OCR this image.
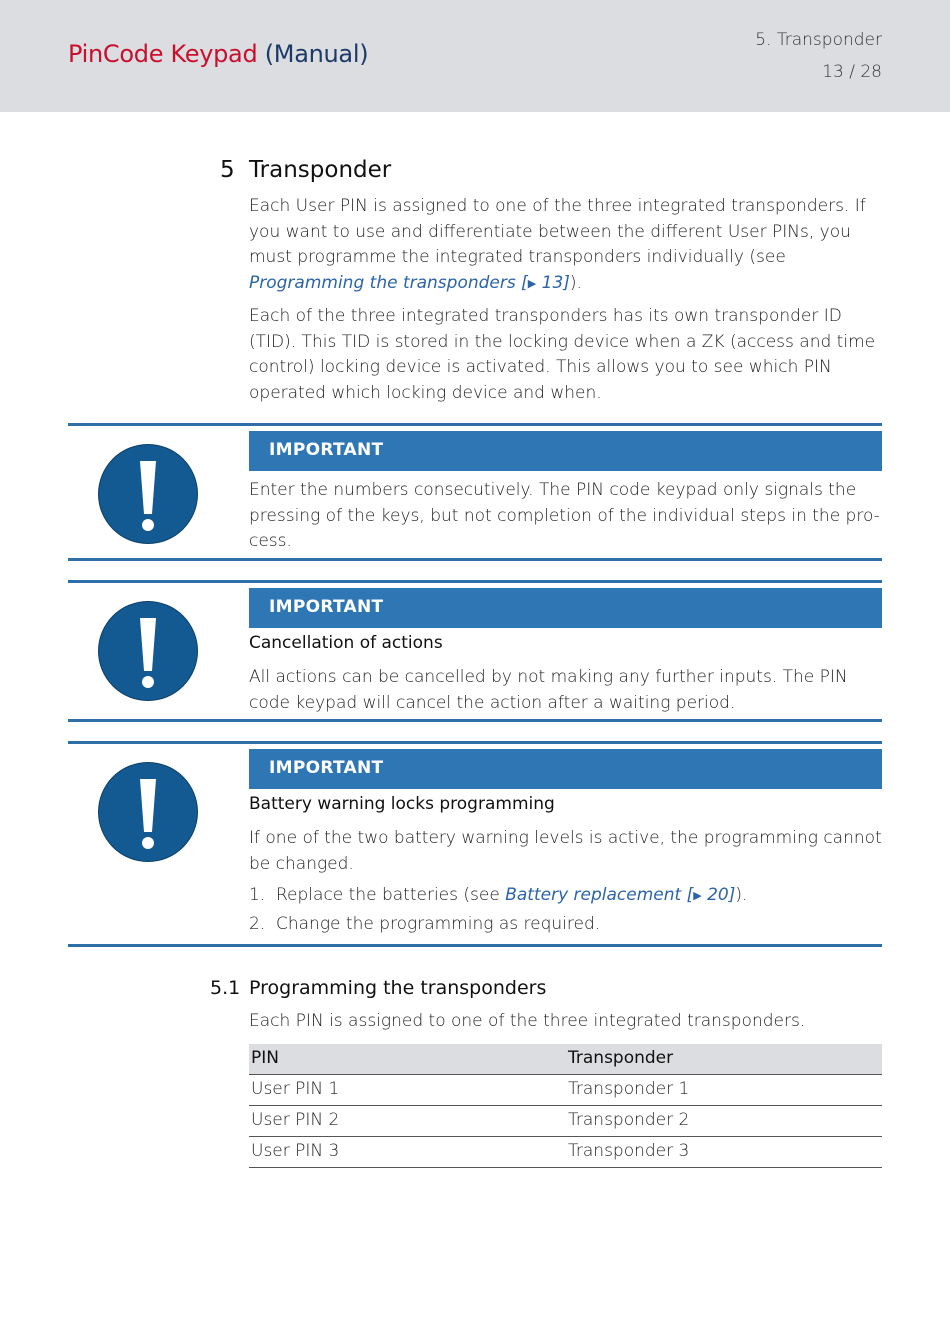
PinCode Keypad (Manual)	5. Transponder
13 / 28
5 Transponder
Each User PIN is assigned to one of the three integrated transponders. If you want to use and differentiate between the different User PINs, you must programme the integrated transponders individually (see Programming the transponders [▶ 13]).
Each of the three integrated transponders has its own transponder ID (TID). This TID is stored in the locking device when a ZK (access and time control) locking device is activated. This allows you to see which PIN operated which locking device and when.
IMPORTANT
Enter the numbers consecutively. The PIN code keypad only signals the pressing of the keys, but not completion of the individual steps in the pro-cess.
IMPORTANT
Cancellation of actions
All actions can be cancelled by not making any further inputs. The PIN code keypad will cancel the action after a waiting period.
IMPORTANT
Battery warning locks programming
If one of the two battery warning levels is active, the programming cannot be changed.
1. Replace the batteries (see Battery replacement [▶ 20]).
2. Change the programming as required.
5.1 Programming the transponders
Each PIN is assigned to one of the three integrated transponders.
PIN	Transponder
User PIN 1	Transponder 1
User PIN 2	Transponder 2
User PIN 3	Transponder 3
